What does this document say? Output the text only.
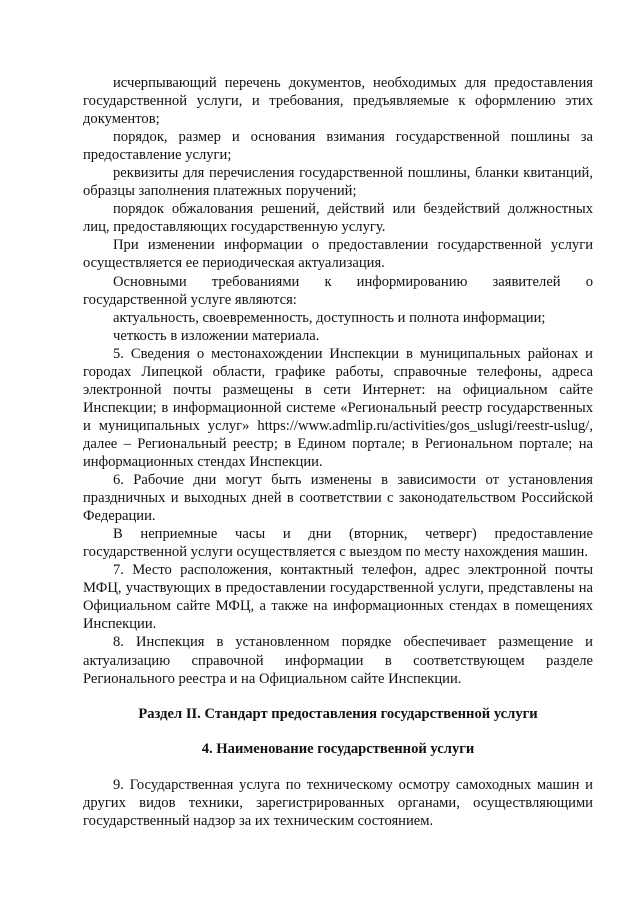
исчерпывающий перечень документов, необходимых для предоставления государственной услуги, и требования, предъявляемые к оформлению этих документов;

порядок, размер и основания взимания государственной пошлины за предоставление услуги;

реквизиты для перечисления государственной пошлины, бланки квитанций, образцы заполнения платежных поручений;

порядок обжалования решений, действий или бездействий должностных лиц, предоставляющих государственную услугу.

При изменении информации о предоставлении государственной услуги осуществляется ее периодическая актуализация.

Основными требованиями к информированию заявителей о государственной услуге являются:

актуальность, своевременность, доступность и полнота информации;

четкость в изложении материала.

5. Сведения о местонахождении Инспекции в муниципальных районах и городах Липецкой области, графике работы, справочные телефоны, адреса электронной почты размещены в сети Интернет: на официальном сайте Инспекции; в информационной системе «Региональный реестр государственных и муниципальных услуг» https://www.admlip.ru/activities/gos_uslugi/reestr-uslug/, далее – Региональный реестр; в Едином портале; в Региональном портале; на информационных стендах Инспекции.

6. Рабочие дни могут быть изменены в зависимости от установления праздничных и выходных дней в соответствии с законодательством Российской Федерации.

В неприемные часы и дни (вторник, четверг) предоставление государственной услуги осуществляется с выездом по месту нахождения машин.

7. Место расположения, контактный телефон, адрес электронной почты МФЦ, участвующих в предоставлении государственной услуги, представлены на Официальном сайте МФЦ, а также на информационных стендах в помещениях Инспекции.

8. Инспекция в установленном порядке обеспечивает размещение и актуализацию справочной информации в соответствующем разделе Регионального реестра и на Официальном сайте Инспекции.

Раздел II. Стандарт предоставления государственной услуги

4. Наименование государственной услуги

9. Государственная услуга по техническому осмотру самоходных машин и других видов техники, зарегистрированных органами, осуществляющими государственный надзор за их техническим состоянием.
